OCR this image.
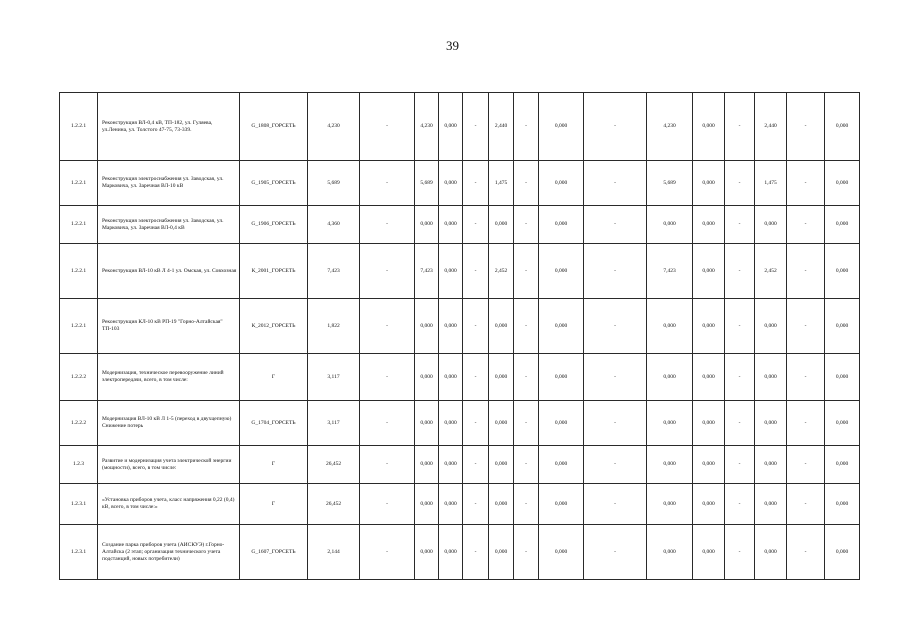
39
1.2.2.1	Реконструкция ВЛ-0,4 кВ, ТП-182, ул. Гуляева, ул.Ленина, ул. Толстого 47-75, 73-339.	G_1808_ГОРСЕТЬ	4,230	-	4,230	0,000	-	2,440	-	0,000	-	4,230	0,000	-	2,440	-	0,000
1.2.2.1	Реконструкция электроснабжения ул. Заводская, ул. Марковича, ул. Заречная ВЛ-10 кВ	G_1905_ГОРСЕТЬ	5,689	-	5,689	0,000	-	1,475	-	0,000	-	5,689	0,000	-	1,475	-	0,000
1.2.2.1	Реконструкция электроснабжения ул. Заводская, ул. Марковича, ул. Заречная ВЛ-0,4 кВ	G_1906_ГОРСЕТЬ	4,360	-	0,000	0,000	-	0,000	-	0,000	-	0,000	0,000	-	0,000	-	0,000
1.2.2.1	Реконструкция ВЛ-10 кВ Л 4-1 ул. Омская, ул. Совхозная	К_2001_ГОРСЕТЬ	7,423	-	7,423	0,000	-	2,452	-	0,000	-	7,423	0,000	-	2,452	-	0,000
1.2.2.1	Реконструкция КЛ-10 кВ РП-19 "Горно-Алтайская" ТП-103	К_2012_ГОРСЕТЬ	1,822	-	0,000	0,000	-	0,000	-	0,000	-	0,000	0,000	-	0,000	-	0,000
1.2.2.2	Модернизация, техническое перевооружение линий электропередачи, всего, в том числе:	Г	3,117	-	0,000	0,000	-	0,000	-	0,000	-	0,000	0,000	-	0,000	-	0,000
1.2.2.2	Модернизация ВЛ-10 кВ Л 1-5 (переход в двухцепную) Снижение потерь	G_1704_ГОРСЕТЬ	3,117	-	0,000	0,000	-	0,000	-	0,000	-	0,000	0,000	-	0,000	-	0,000
1.2.3	Развитие и модернизация учета электрической энергии (мощности), всего, в том числе:	Г	26,452	-	0,000	0,000	-	0,000	-	0,000	-	0,000	0,000	-	0,000	-	0,000
1.2.3.1	«Установка приборов учета, класс напряжения 0,22 (0,4) кВ, всего, в том числе:»	Г	26,452	-	0,000	0,000	-	0,000	-	0,000	-	0,000	0,000	-	0,000	-	0,000
1.2.3.1	Создание парка приборов учета (АИСКУЭ) г.Горно-Алтайска (2 этап; организация технического учета подстанций, новых потребители)	G_1607_ГОРСЕТЬ	2,144	-	0,000	0,000	-	0,000	-	0,000	-	0,000	0,000	-	0,000	-	0,000
